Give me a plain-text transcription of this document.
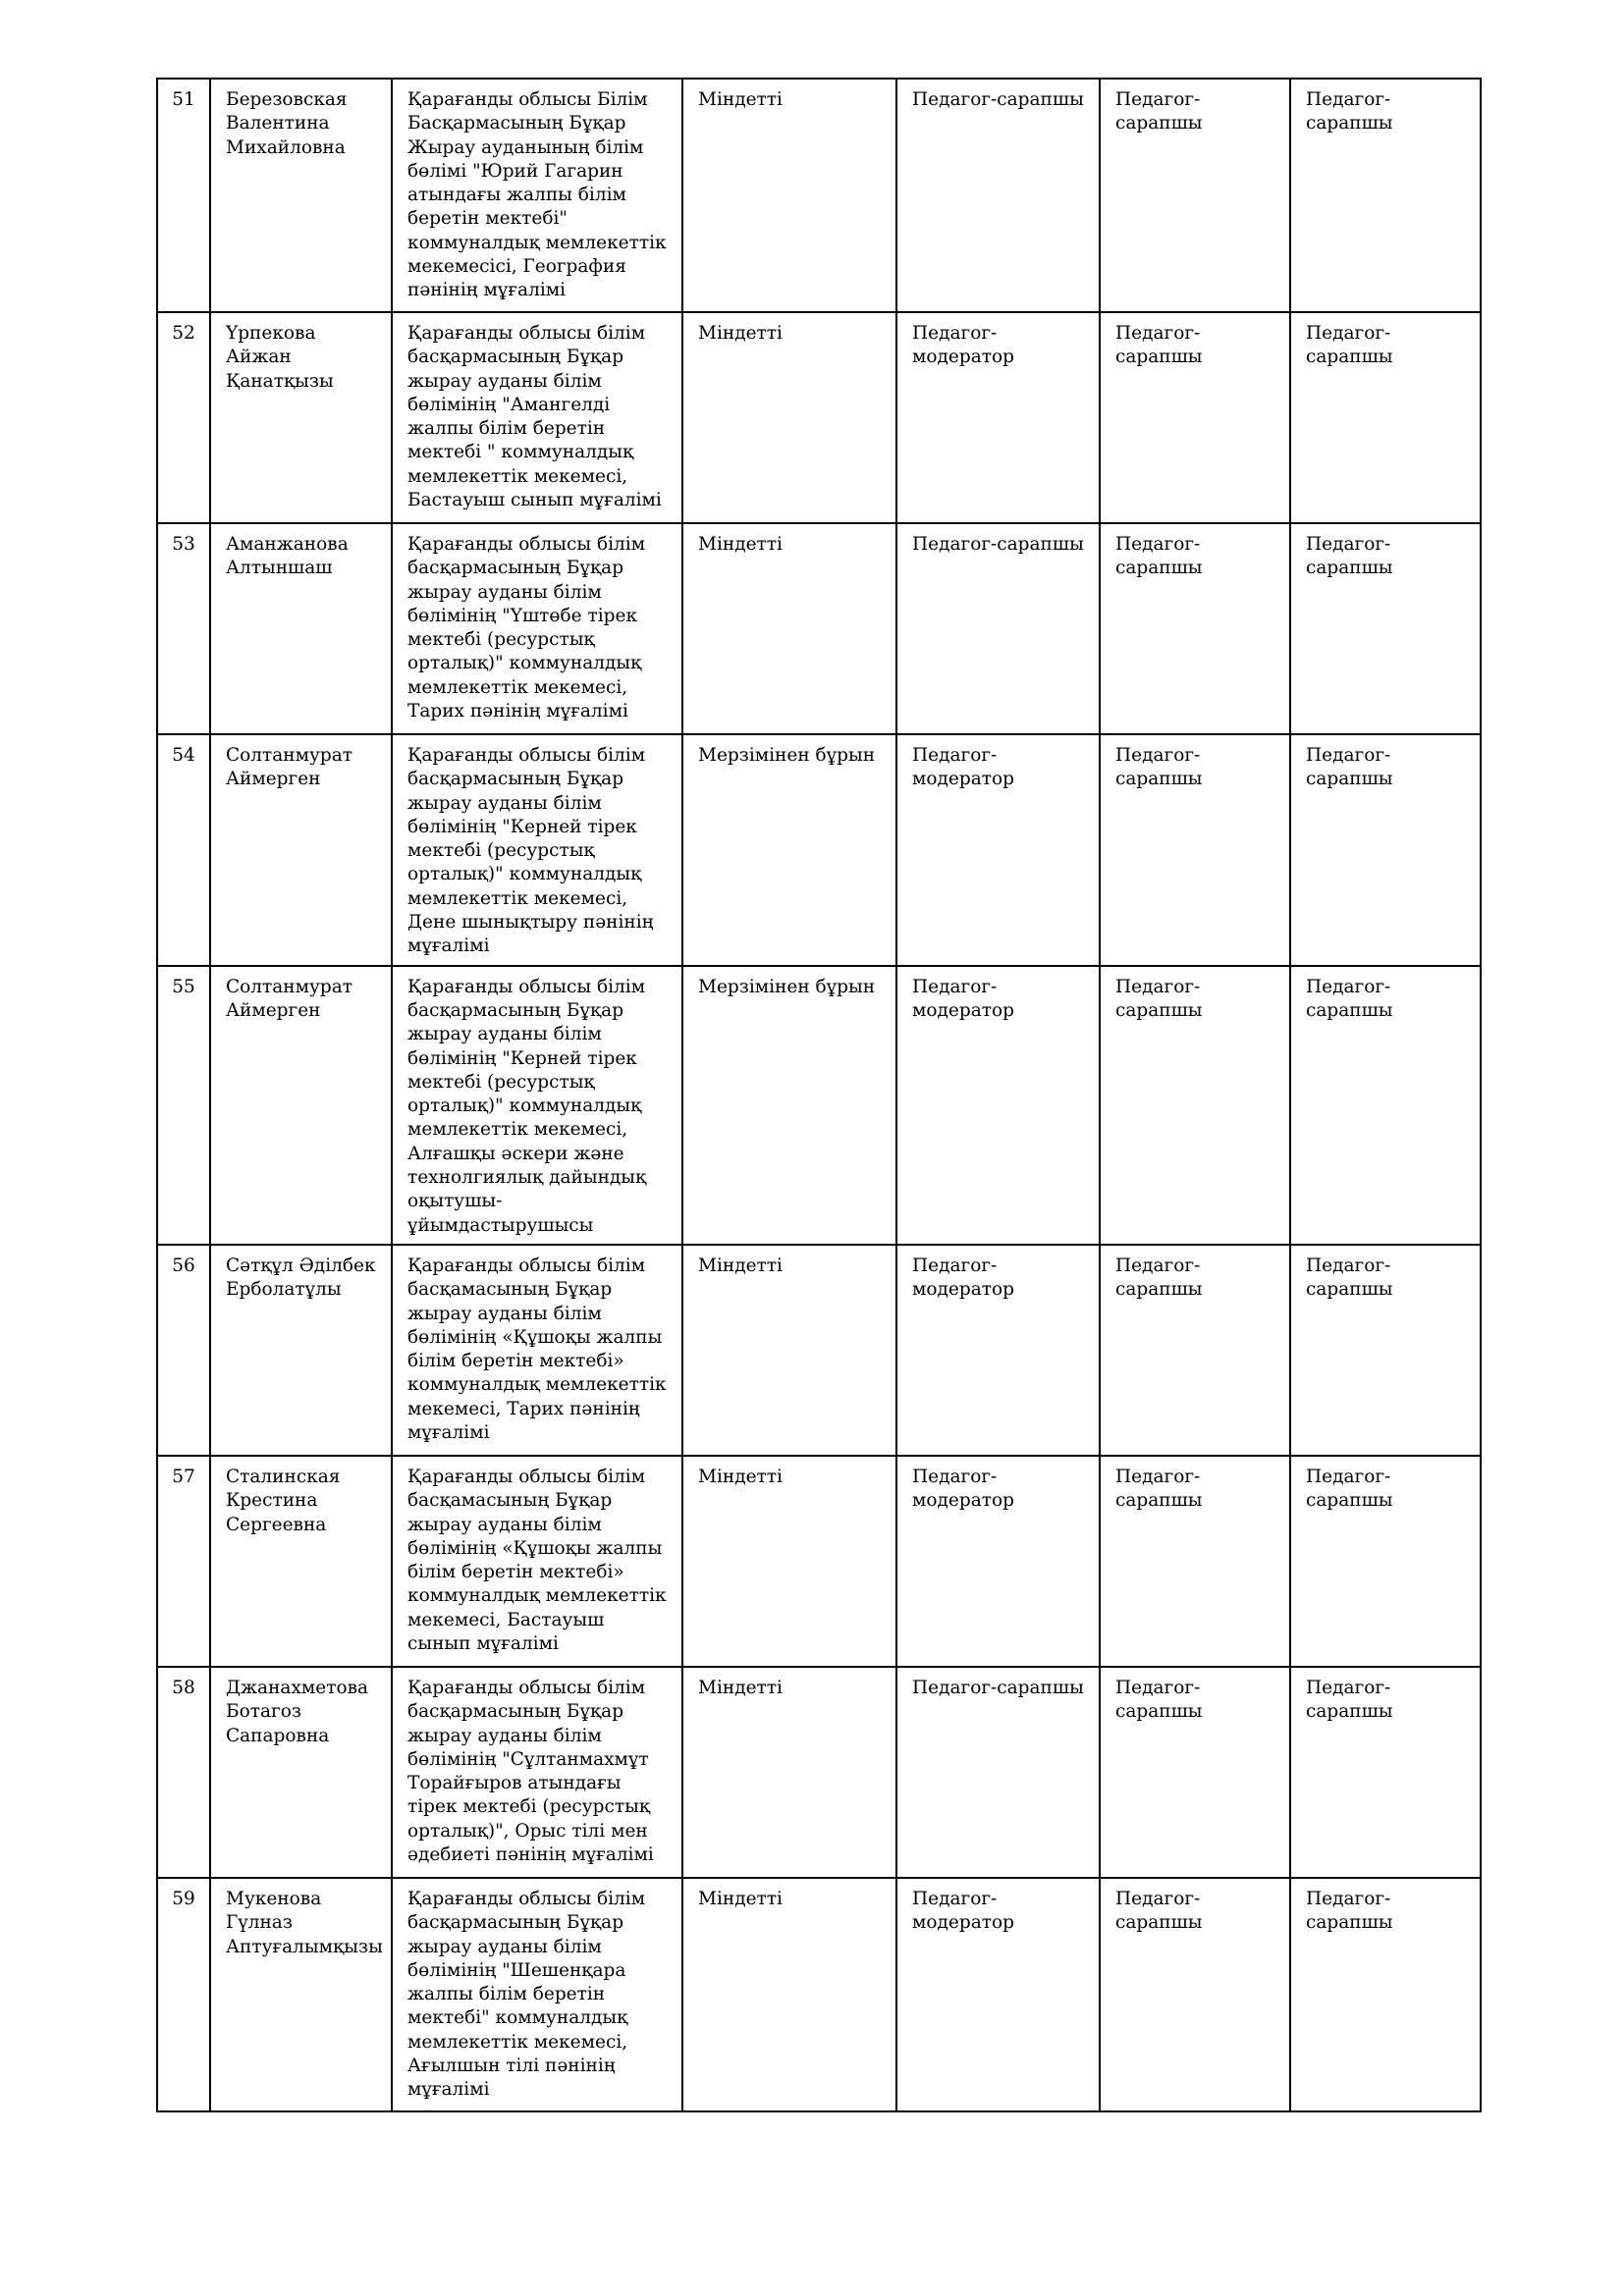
51	Березовская Валентина Михайловна	Қарағанды облысы Білім Басқармасының Бұқар Жырау ауданының білім бөлімі "Юрий Гагарин атындағы жалпы білім беретін мектебі" коммуналдық мемлекеттік мекемесісі, География пәнінің мұғалімі	Міндетті	Педагог-сарапшы	Педагог-сарапшы	Педагог-сарапшы
52	Үрпекова Айжан Қанатқызы	Қарағанды облысы білім басқармасының Бұқар жырау ауданы білім бөлімінің "Амангелді жалпы білім беретін мектебі " коммуналдық мемлекеттік мекемесі, Бастауыш сынып мұғалімі	Міндетті	Педагог-модератор	Педагог-сарапшы	Педагог-сарапшы
53	Аманжанова Алтыншаш	Қарағанды облысы білім басқармасының Бұқар жырау ауданы білім бөлімінің "Үштөбе тірек мектебі (ресурстық орталық)" коммуналдық мемлекеттік мекемесі, Тарих пәнінің мұғалімі	Міндетті	Педагог-сарапшы	Педагог-сарапшы	Педагог-сарапшы
54	Солтанмурат Аймерген	Қарағанды облысы білім басқармасының Бұқар жырау ауданы білім бөлімінің "Керней тірек мектебі (ресурстық орталық)" коммуналдық мемлекеттік мекемесі, Дене шынықтыру пәнінің мұғалімі	Мерзімінен бұрын	Педагог-модератор	Педагог-сарапшы	Педагог-сарапшы
55	Солтанмурат Аймерген	Қарағанды облысы білім басқармасының Бұқар жырау ауданы білім бөлімінің "Керней тірек мектебі (ресурстық орталық)" коммуналдық мемлекеттік мекемесі, Алғашқы әскери және технолгиялық дайындық оқытушы-ұйымдастырушысы	Мерзімінен бұрын	Педагог-модератор	Педагог-сарапшы	Педагог-сарапшы
56	Сәтқұл Әділбек Ерболатұлы	Қарағанды облысы білім басқамасының Бұқар жырау ауданы білім бөлімінің «Құшоқы жалпы білім беретін мектебі» коммуналдық мемлекеттік мекемесі, Тарих пәнінің мұғалімі	Міндетті	Педагог-модератор	Педагог-сарапшы	Педагог-сарапшы
57	Сталинская Крестина Сергеевна	Қарағанды облысы білім басқамасының Бұқар жырау ауданы білім бөлімінің «Құшоқы жалпы білім беретін мектебі» коммуналдық мемлекеттік мекемесі, Бастауыш сынып мұғалімі	Міндетті	Педагог-модератор	Педагог-сарапшы	Педагог-сарапшы
58	Джанахметова Ботагоз Сапаровна	Қарағанды облысы білім басқармасының Бұқар жырау ауданы білім бөлімінің "Сұлтанмахмұт Торайғыров атындағы тірек мектебі (ресурстық орталық)", Орыс тілі мен әдебиеті пәнінің мұғалімі	Міндетті	Педагог-сарапшы	Педагог-сарапшы	Педагог-сарапшы
59	Мукенова Гүлназ Аптуғалымқызы	Қарағанды облысы білім басқармасының Бұқар жырау ауданы білім бөлімінің "Шешенқара жалпы білім беретін мектебі" коммуналдық мемлекеттік мекемесі, Ағылшын тілі пәнінің мұғалімі	Міндетті	Педагог-модератор	Педагог-сарапшы	Педагог-сарапшы
